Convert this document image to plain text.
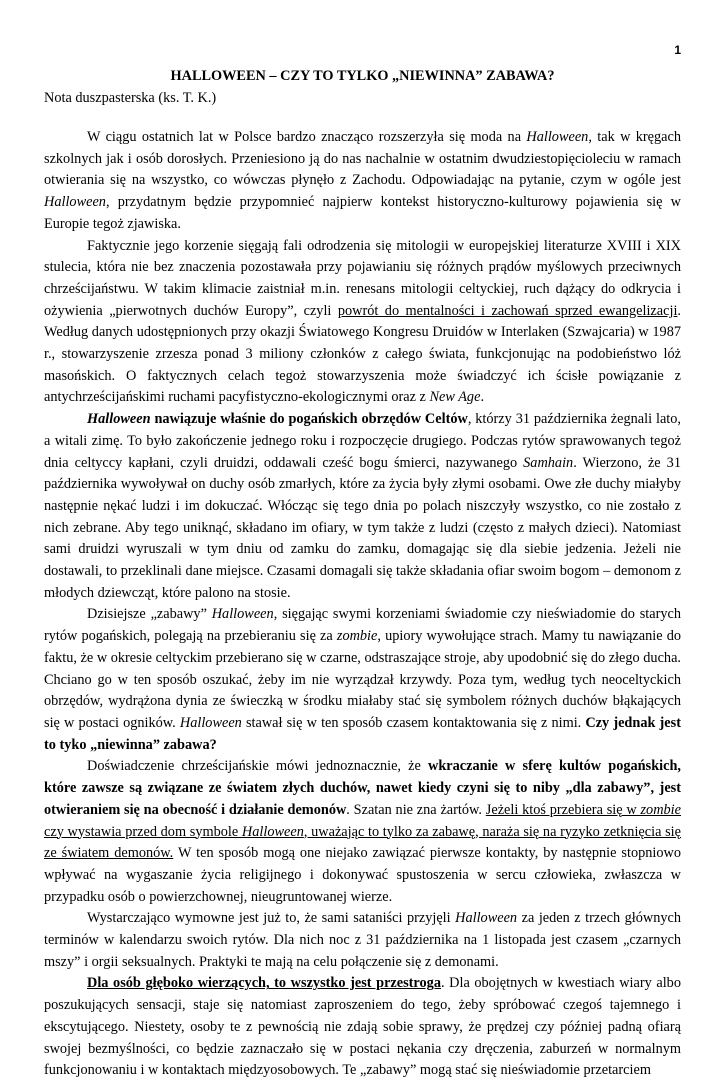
1
HALLOWEEN – CZY TO TYLKO „NIEWINNA” ZABAWA?
Nota duszpasterska (ks. T. K.)

W ciągu ostatnich lat w Polsce bardzo znacząco rozszerzyła się moda na Halloween, tak w kręgach szkolnych jak i osób dorosłych. Przeniesiono ją do nas nachalnie w ostatnim dwudziestopięcioleciu w ramach otwierania się na wszystko, co wówczas płynęło z Zachodu. Odpowiadając na pytanie, czym w ogóle jest Halloween, przydatnym będzie przypomnieć najpierw kontekst historyczno-kulturowy pojawienia się w Europie tegoż zjawiska.

Faktycznie jego korzenie sięgają fali odrodzenia się mitologii w europejskiej literaturze XVIII i XIX stulecia, która nie bez znaczenia pozostawała przy pojawianiu się różnych prądów myślowych przeciwnych chrześcijaństwu. W takim klimacie zaistniał m.in. renesans mitologii celtyckiej, ruch dążący do odkrycia i ożywienia „pierwotnych duchów Europy”, czyli powrót do mentalności i zachowań sprzed ewangelizacji. Według danych udostępnionych przy okazji Światowego Kongresu Druidów w Interlaken (Szwajcaria) w 1987 r., stowarzyszenie zrzesza ponad 3 miliony członków z całego świata, funkcjonując na podobieństwo lóż masońskich. O faktycznych celach tegoż stowarzyszenia może świadczyć ich ścisłe powiązanie z antychrześcijańskimi ruchami pacyfistyczno-ekologicznymi oraz z New Age.

Halloween nawiązuje właśnie do pogańskich obrzędów Celtów, którzy 31 października żegnali lato, a witali zimę. To było zakończenie jednego roku i rozpoczęcie drugiego. Podczas rytów sprawowanych tegoż dnia celtyccy kapłani, czyli druidzi, oddawali cześć bogu śmierci, nazywanego Samhain. Wierzono, że 31 października wywoływał on duchy osób zmarłych, które za życia były złymi osobami. Owe złe duchy miałyby następnie nękać ludzi i im dokuczać. Włócząc się tego dnia po polach niszczyły wszystko, co nie zostało z nich zebrane. Aby tego uniknąć, składano im ofiary, w tym także z ludzi (często z małych dzieci). Natomiast sami druidzi wyruszali w tym dniu od zamku do zamku, domagając się dla siebie jedzenia. Jeżeli nie dostawali, to przeklinali dane miejsce. Czasami domagali się także składania ofiar swoim bogom – demonom z młodych dziewcząt, które palono na stosie.

Dzisiejsze „zabawy” Halloween, sięgając swymi korzeniami świadomie czy nieświadomie do starych rytów pogańskich, polegają na przebieraniu się za zombie, upiory wywołujące strach. Mamy tu nawiązanie do faktu, że w okresie celtyckim przebierano się w czarne, odstraszające stroje, aby upodobnić się do złego ducha. Chciano go w ten sposób oszukać, żeby im nie wyrządzał krzywdy. Poza tym, według tych neoceltyckich obrzędów, wydrążona dynia ze świeczką w środku miałaby stać się symbolem różnych duchów błąkających się w postaci ogników. Halloween stawał się w ten sposób czasem kontaktowania się z nimi. Czy jednak jest to tyko „niewinna” zabawa?

Doświadczenie chrześcijańskie mówi jednoznacznie, że wkraczanie w sferę kultów pogańskich, które zawsze są związane ze światem złych duchów, nawet kiedy czyni się to niby „dla zabawy”, jest otwieraniem się na obecność i działanie demonów. Szatan nie zna żartów. Jeżeli ktoś przebiera się w zombie czy wystawia przed dom symbole Halloween, uważając to tylko za zabawę, naraża się na ryzyko zetknięcia się ze światem demonów. W ten sposób mogą one niejako zawiązać pierwsze kontakty, by następnie stopniowo wpływać na wygaszanie życia religijnego i dokonywać spustoszenia w sercu człowieka, zwłaszcza w przypadku osób o powierzchownej, nieugruntowanej wierze.

Wystarczająco wymowne jest już to, że sami sataniści przyjęli Halloween za jeden z trzech głównych terminów w kalendarzu swoich rytów. Dla nich noc z 31 października na 1 listopada jest czasem „czarnych mszy” i orgii seksualnych. Praktyki te mają na celu połączenie się z demonami.

Dla osób głęboko wierzących, to wszystko jest przestroga. Dla obojętnych w kwestiach wiary albo poszukujących sensacji, staje się natomiast zaproszeniem do tego, żeby spróbować czegoś tajemnego i ekscytującego. Niestety, osoby te z pewnością nie zdają sobie sprawy, że prędzej czy później padną ofiarą swojej bezmyślności, co będzie zaznaczało się w postaci nękania czy dręczenia, zaburzeń w normalnym funkcjonowaniu i w kontaktach międzyosobowych. Te „zabawy” mogą stać się nieświadomie przetarciem
